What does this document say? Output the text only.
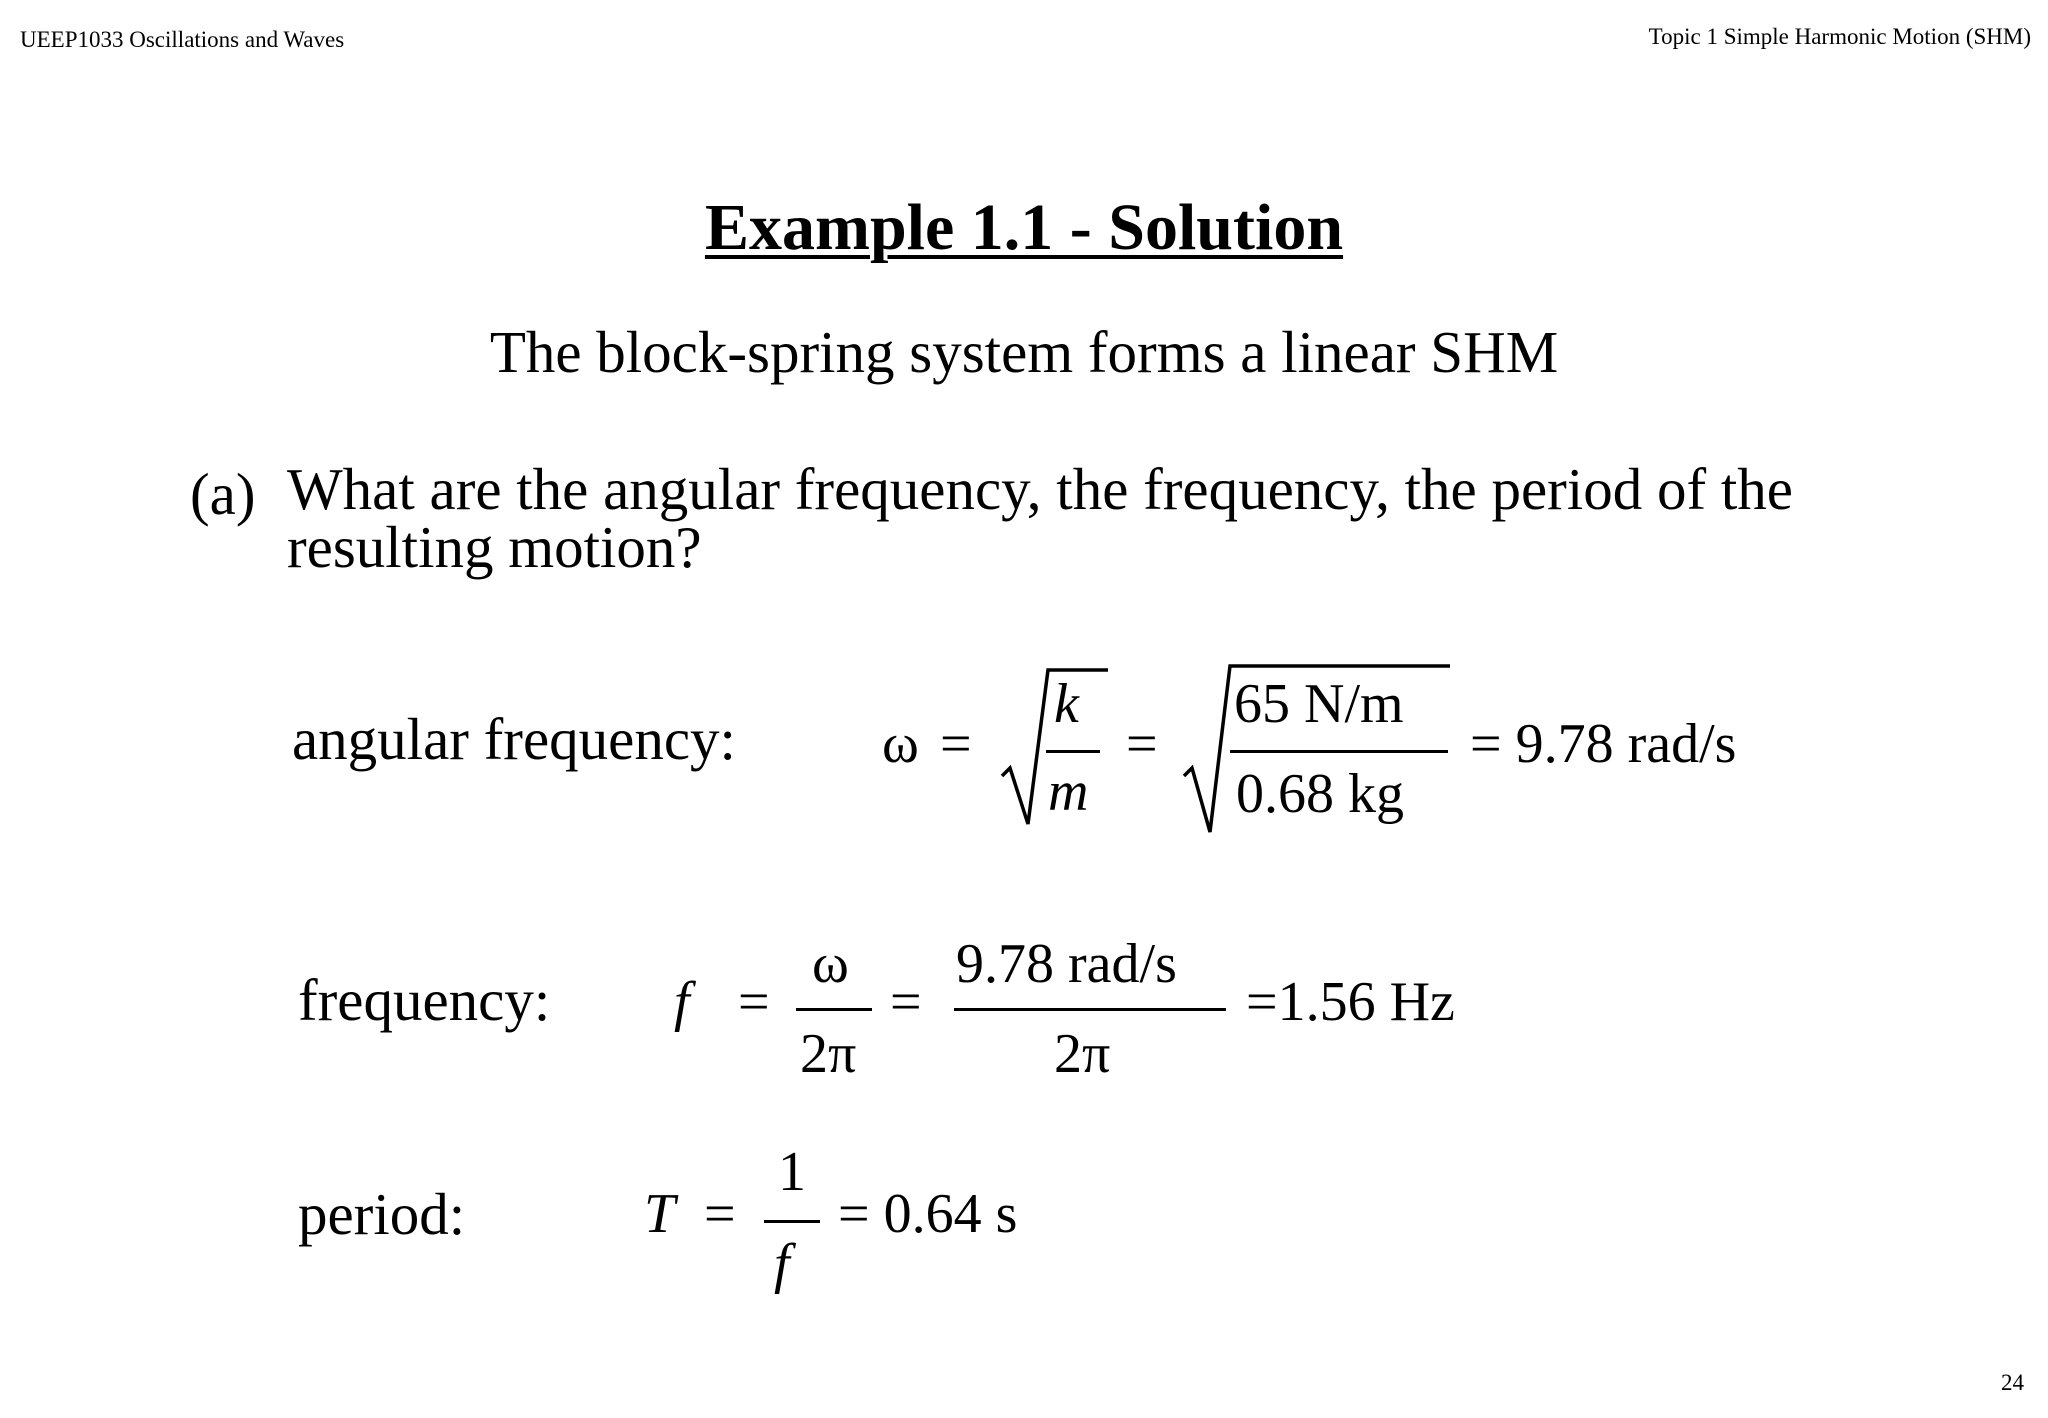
UEEP1033 Oscillations and Waves	Topic 1 Simple Harmonic Motion (SHM)
Example 1.1 - Solution
The block-spring system forms a linear SHM
(a) What are the angular frequency, the frequency, the period of the resulting motion?
angular frequency:	ω =
k
m
=
65 N/m
0.68 kg
= 9.78 rad/s
frequency: f =
ω
2π
=
9.78 rad/s
2π
=1.56 Hz
period:	T =
1
f
= 0.64 s
24
